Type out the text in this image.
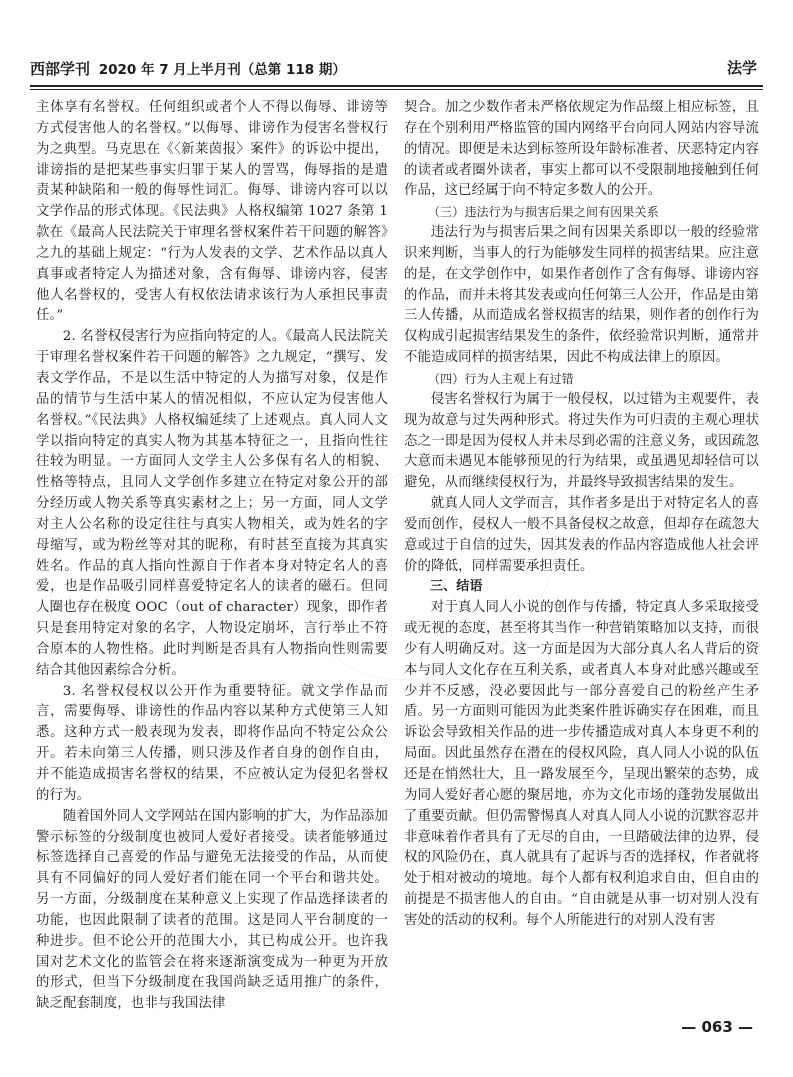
西部学刊 2020 年 7 月上半月刊（总第 118 期）	法学

主体享有名誉权。任何组织或者个人不得以侮辱、诽谤等方式侵害他人的名誉权。”以侮辱、诽谤作为侵害名誉权行为之典型。马克思在《〈新莱茵报〉案件》的诉讼中提出，诽谤指的是把某些事实归罪于某人的詈骂，侮辱指的是遣责某种缺陷和一般的侮辱性词汇。侮辱、诽谤内容可以以文学作品的形式体现。《民法典》人格权编第 1027 条第 1 款在《最高人民法院关于审理名誉权案件若干问题的解答》之九的基础上规定：“行为人发表的文学、艺术作品以真人真事或者特定人为描述对象，含有侮辱、诽谤内容，侵害他人名誉权的，受害人有权依法请求该行为人承担民事责任。”

2. 名誉权侵害行为应指向特定的人。《最高人民法院关于审理名誉权案件若干问题的解答》之九规定，“撰写、发表文学作品，不是以生活中特定的人为描写对象，仅是作品的情节与生活中某人的情况相似，不应认定为侵害他人名誉权。”《民法典》人格权编延续了上述观点。真人同人文学以指向特定的真实人物为其基本特征之一，且指向性往往较为明显。一方面同人文学主人公多保有名人的相貌、性格等特点，且同人文学创作多建立在特定对象公开的部分经历或人物关系等真实素材之上；另一方面，同人文学对主人公名称的设定往往与真实人物相关，或为姓名的字母缩写，或为粉丝等对其的昵称，有时甚至直接为其真实姓名。作品的真人指向性源自于作者本身对特定名人的喜爱，也是作品吸引同样喜爱特定名人的读者的磁石。但同人圈也存在极度 OOC（out of character）现象，即作者只是套用特定对象的名字，人物设定崩坏，言行举止不符合原本的人物性格。此时判断是否具有人物指向性则需要结合其他因素综合分析。

3. 名誉权侵权以公开作为重要特征。就文学作品而言，需要侮辱、诽谤性的作品内容以某种方式使第三人知悉。这种方式一般表现为发表，即将作品向不特定公众公开。若未向第三人传播，则只涉及作者自身的创作自由，并不能造成损害名誉权的结果，不应被认定为侵犯名誉权的行为。

随着国外同人文学网站在国内影响的扩大，为作品添加警示标签的分级制度也被同人爱好者接受。读者能够通过标签选择自己喜爱的作品与避免无法接受的作品，从而使具有不同偏好的同人爱好者们能在同一个平台和谐共处。另一方面，分级制度在某种意义上实现了作品选择读者的功能，也因此限制了读者的范围。这是同人平台制度的一种进步。但不论公开的范围大小，其已构成公开。也许我国对艺术文化的监管会在将来逐渐演变成为一种更为开放的形式，但当下分级制度在我国尚缺乏适用推广的条件，缺乏配套制度，也非与我国法律

契合。加之少数作者未严格依规定为作品缀上相应标签，且存在个别利用严格监管的国内网络平台向同人网站内容导流的情况。即便是未达到标签所设年龄标准者、厌恶特定内容的读者或者圈外读者，事实上都可以不受限制地接触到任何作品，这已经属于向不特定多数人的公开。

（三）违法行为与损害后果之间有因果关系

违法行为与损害后果之间有因果关系即以一般的经验常识来判断，当事人的行为能够发生同样的损害结果。应注意的是，在文学创作中，如果作者创作了含有侮辱、诽谤内容的作品，而并未将其发表或向任何第三人公开，作品是由第三人传播，从而造成名誉权损害的结果，则作者的创作行为仅构成引起损害结果发生的条件，依经验常识判断，通常并不能造成同样的损害结果，因此不构成法律上的原因。

（四）行为人主观上有过错

侵害名誉权行为属于一般侵权，以过错为主观要件，表现为故意与过失两种形式。将过失作为可归责的主观心理状态之一即是因为侵权人并未尽到必需的注意义务，或因疏忽大意而未遇见本能够预见的行为结果，或虽遇见却轻信可以避免，从而继续侵权行为，并最终导致损害结果的发生。

就真人同人文学而言，其作者多是出于对特定名人的喜爱而创作，侵权人一般不具备侵权之故意，但却存在疏忽大意或过于自信的过失，因其发表的作品内容造成他人社会评价的降低，同样需要承担责任。

三、结语

对于真人同人小说的创作与传播，特定真人多采取接受或无视的态度，甚至将其当作一种营销策略加以支持，而很少有人明确反对。这一方面是因为大部分真人名人背后的资本与同人文化存在互利关系，或者真人本身对此感兴趣或至少并不反感，没必要因此与一部分喜爱自己的粉丝产生矛盾。另一方面则可能因为此类案件胜诉确实存在困难，而且诉讼会导致相关作品的进一步传播造成对真人本身更不利的局面。因此虽然存在潜在的侵权风险，真人同人小说的队伍还是在悄然壮大，且一路发展至今，呈现出繁荣的态势，成为同人爱好者心愿的聚居地，亦为文化市场的蓬勃发展做出了重要贡献。但仍需警惕真人对真人同人小说的沉默容忍并非意味着作者具有了无尽的自由，一旦踏破法律的边界，侵权的风险仍在，真人就具有了起诉与否的选择权，作者就将处于相对被动的境地。每个人都有权利追求自由，但自由的前提是不损害他人的自由。“自由就是从事一切对别人没有害处的活动的权利。每个人所能进行的对别人没有害

— 063 —
